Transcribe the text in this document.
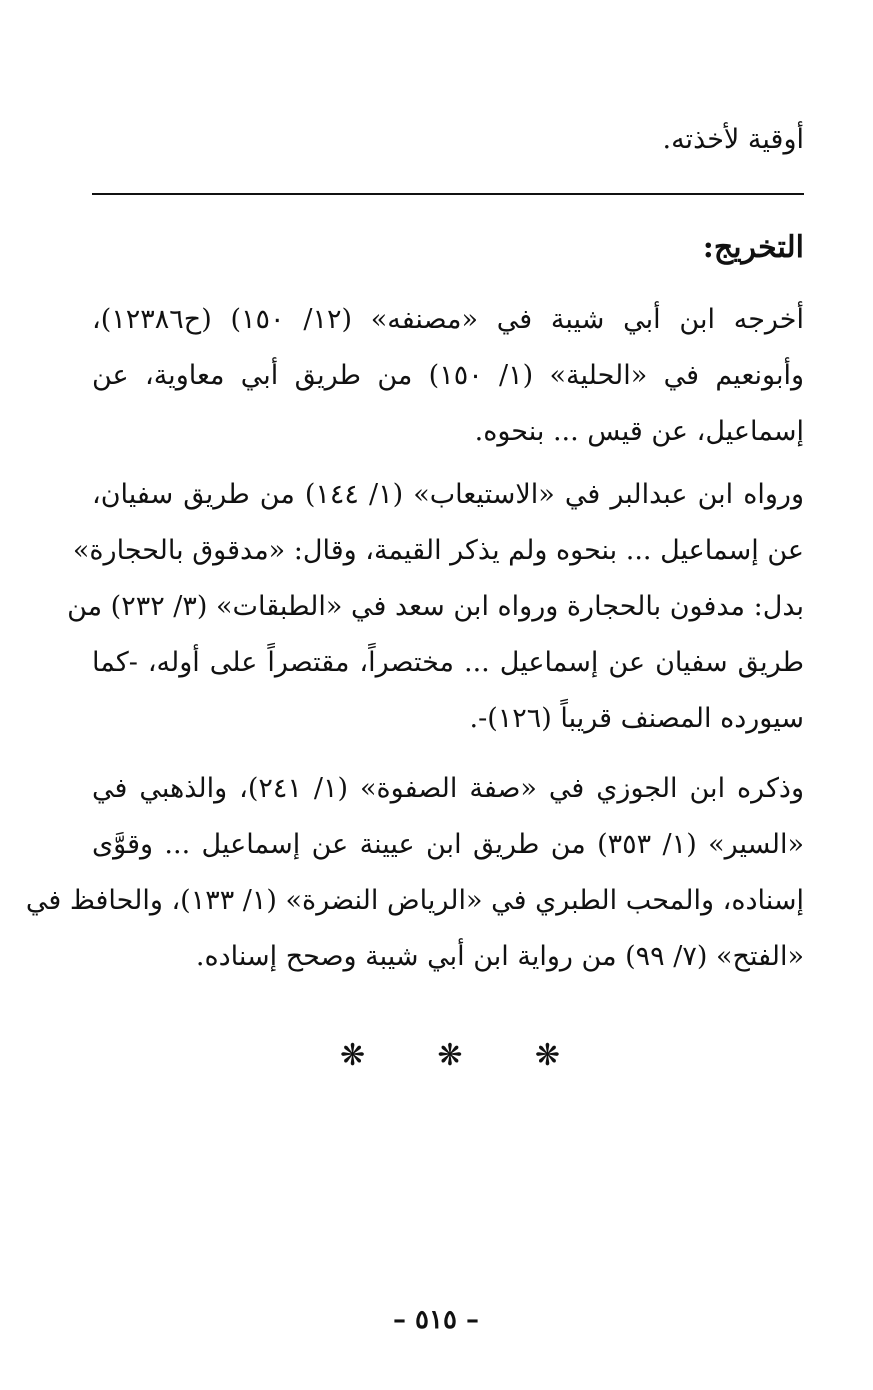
أوقية لأخذته.
التخريج:
أخرجه ابن أبي شيبة في «مصنفه» (١٢/ ١٥٠) (ح١٢٣٨٦)،
وأبونعيم في «الحلية» (١/ ١٥٠) من طريق أبي معاوية، عن
إسماعيل، عن قيس ... بنحوه.
ورواه ابن عبدالبر في «الاستيعاب» (١/ ١٤٤) من طريق سفيان،
عن إسماعيل ... بنحوه ولم يذكر القيمة، وقال: «مدقوق بالحجارة»
بدل: مدفون بالحجارة ورواه ابن سعد في «الطبقات» (٣/ ٢٣٢) من
طريق سفيان عن إسماعيل ... مختصراً، مقتصراً على أوله، -كما
سيورده المصنف قريباً (١٢٦)-.
وذكره ابن الجوزي في «صفة الصفوة» (١/ ٢٤١)، والذهبي في
«السير» (١/ ٣٥٣) من طريق ابن عيينة عن إسماعيل ... وقوَّى
إسناده، والمحب الطبري في «الرياض النضرة» (١/ ١٣٣)، والحافظ في
«الفتح» (٧/ ٩٩) من رواية ابن أبي شيبة وصحح إسناده.
❋ ❋ ❋
– ٥١٥ –
